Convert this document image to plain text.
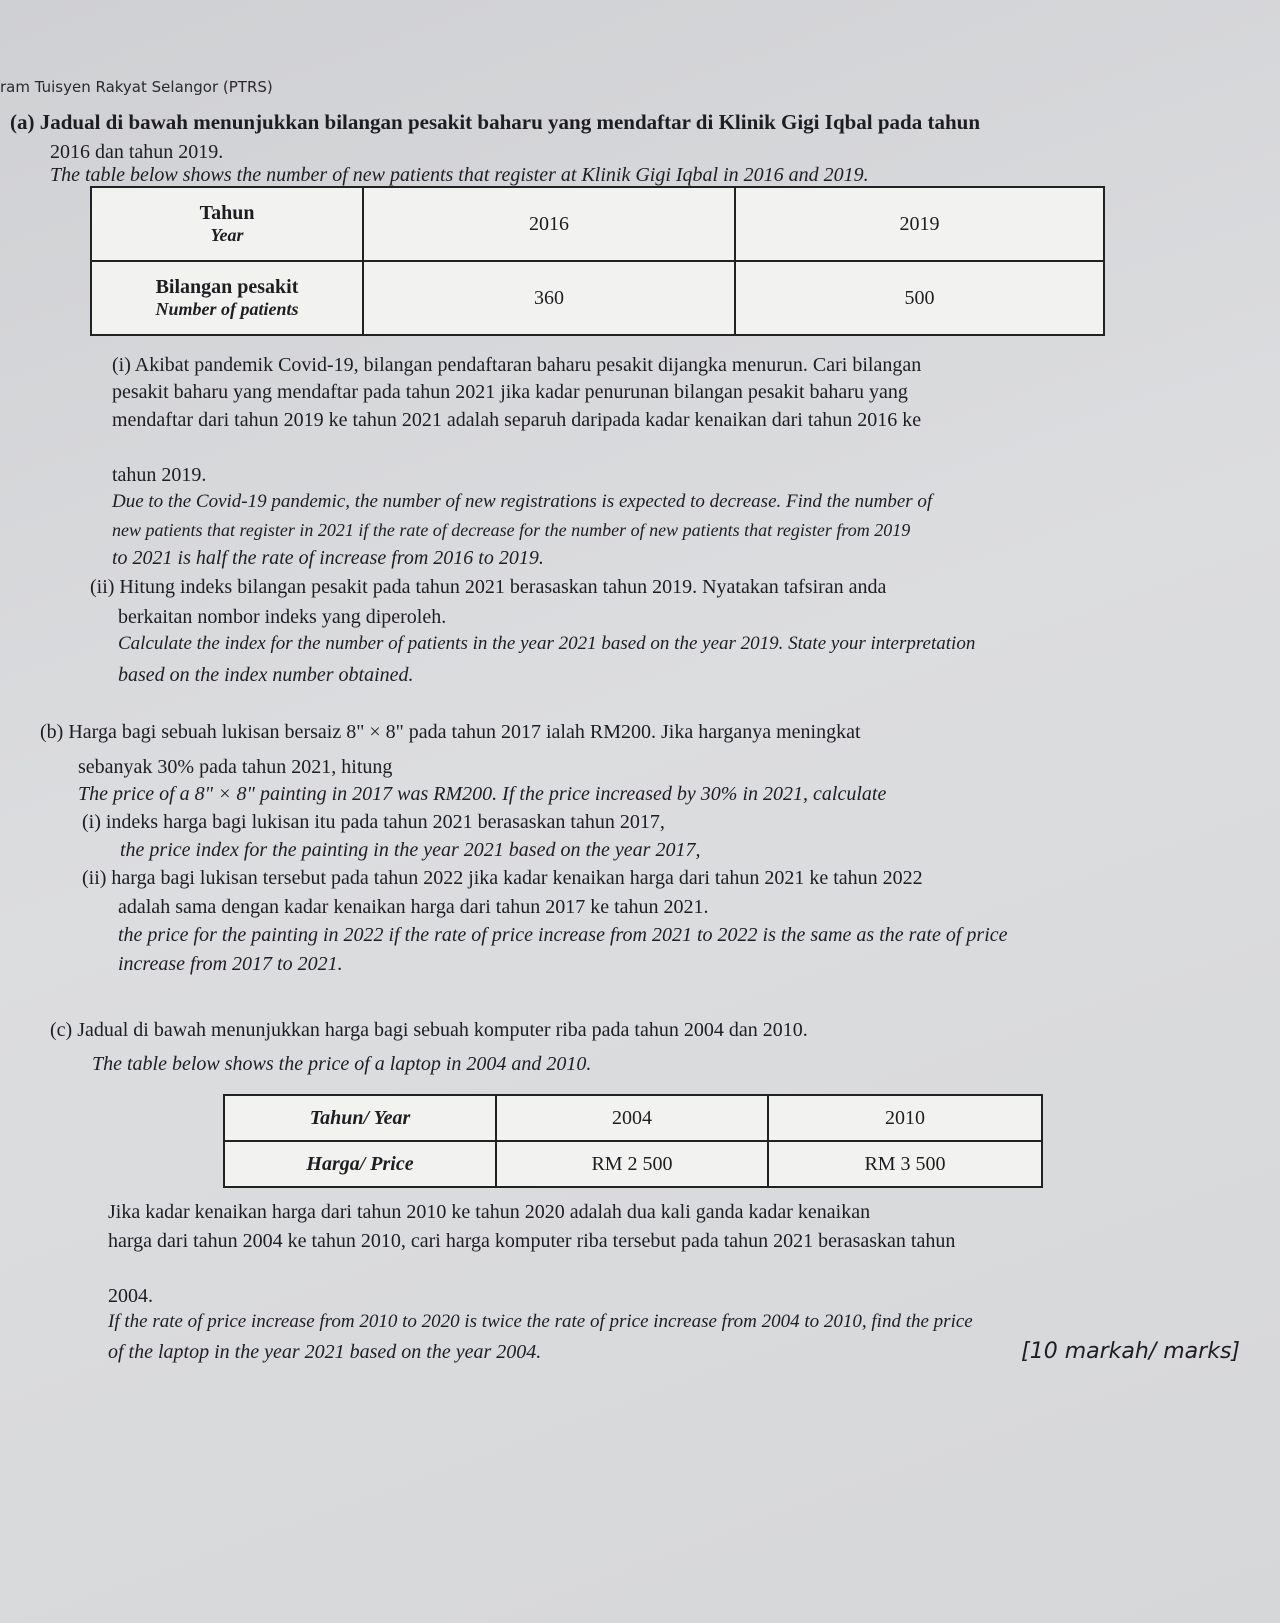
ram Tuisyen Rakyat Selangor (PTRS)
(a) Jadual di bawah menunjukkan bilangan pesakit baharu yang mendaftar di Klinik Gigi Iqbal pada tahun
2016 dan tahun 2019.
The table below shows the number of new patients that register at Klinik Gigi Iqbal in 2016 and 2019.
Tahun
Year	2016	2019
Bilangan pesakit
Number of patients	360	500
(i) Akibat pandemik Covid-19, bilangan pendaftaran baharu pesakit dijangka menurun. Cari bilangan
pesakit baharu yang mendaftar pada tahun 2021 jika kadar penurunan bilangan pesakit baharu yang
mendaftar dari tahun 2019 ke tahun 2021 adalah separuh daripada kadar kenaikan dari tahun 2016 ke
tahun 2019.
Due to the Covid-19 pandemic, the number of new registrations is expected to decrease. Find the number of
new patients that register in 2021 if the rate of decrease for the number of new patients that register from 2019
to 2021 is half the rate of increase from 2016 to 2019.
(ii) Hitung indeks bilangan pesakit pada tahun 2021 berasaskan tahun 2019. Nyatakan tafsiran anda
berkaitan nombor indeks yang diperoleh.
Calculate the index for the number of patients in the year 2021 based on the year 2019. State your interpretation
based on the index number obtained.
(b) Harga bagi sebuah lukisan bersaiz 8" × 8" pada tahun 2017 ialah RM200. Jika harganya meningkat
sebanyak 30% pada tahun 2021, hitung
The price of a 8" × 8" painting in 2017 was RM200. If the price increased by 30% in 2021, calculate
(i) indeks harga bagi lukisan itu pada tahun 2021 berasaskan tahun 2017,
the price index for the painting in the year 2021 based on the year 2017,
(ii) harga bagi lukisan tersebut pada tahun 2022 jika kadar kenaikan harga dari tahun 2021 ke tahun 2022
adalah sama dengan kadar kenaikan harga dari tahun 2017 ke tahun 2021.
the price for the painting in 2022 if the rate of price increase from 2021 to 2022 is the same as the rate of price
increase from 2017 to 2021.
(c) Jadual di bawah menunjukkan harga bagi sebuah komputer riba pada tahun 2004 dan 2010.
The table below shows the price of a laptop in 2004 and 2010.
Tahun/ Year	2004	2010
Harga/ Price	RM 2 500	RM 3 500
Jika kadar kenaikan harga dari tahun 2010 ke tahun 2020 adalah dua kali ganda kadar kenaikan
harga dari tahun 2004 ke tahun 2010, cari harga komputer riba tersebut pada tahun 2021 berasaskan tahun
2004.
If the rate of price increase from 2010 to 2020 is twice the rate of price increase from 2004 to 2010, find the price
of the laptop in the year 2021 based on the year 2004.	[10 markah/ marks]
